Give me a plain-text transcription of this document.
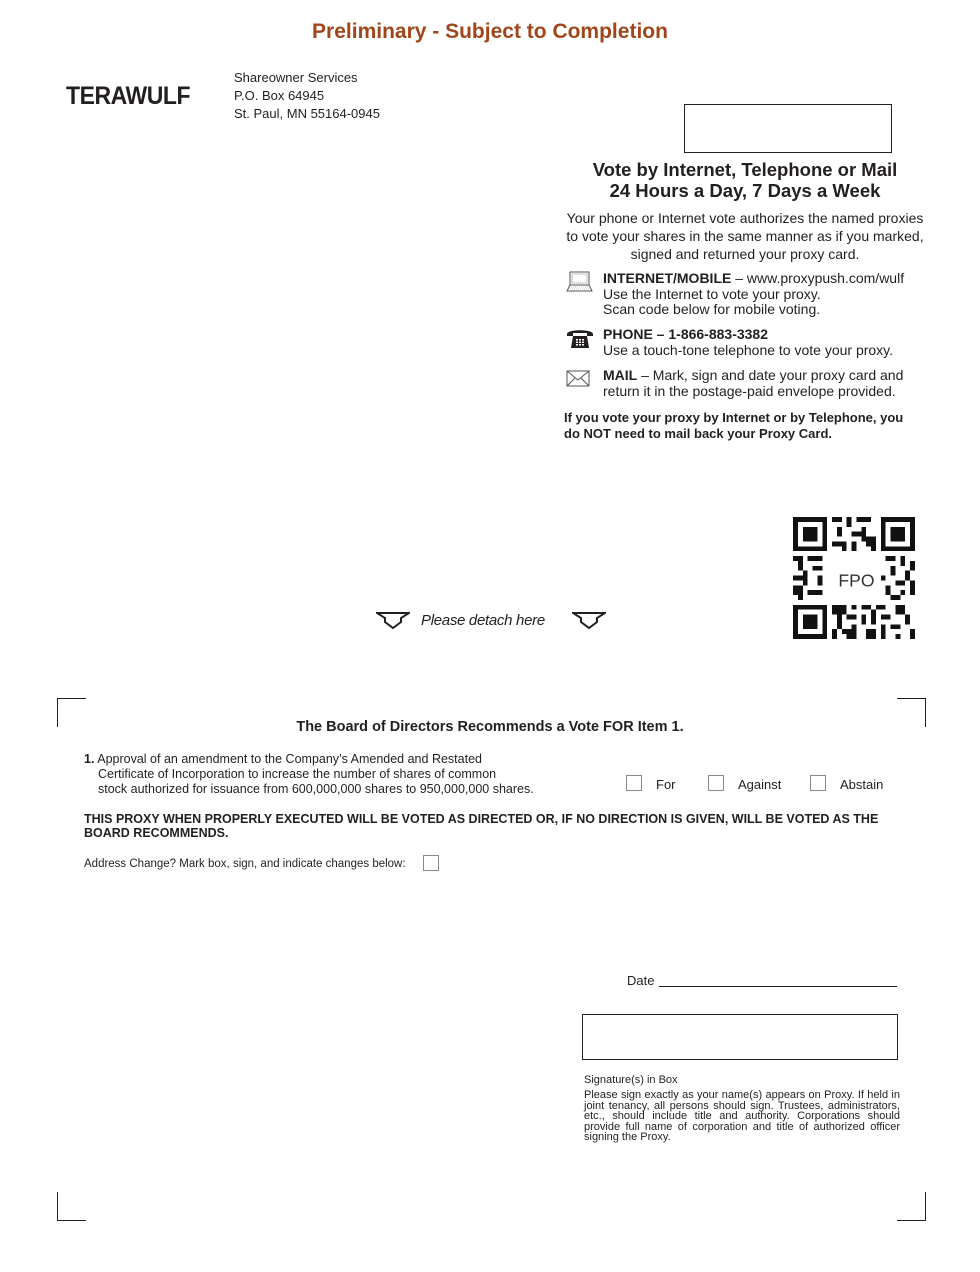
Preliminary - Subject to Completion
TERAWULF
Shareowner Services
P.O. Box 64945
St. Paul, MN 55164-0945
Vote by Internet, Telephone or Mail
24 Hours a Day, 7 Days a Week
Your phone or Internet vote authorizes the named proxies to vote your shares in the same manner as if you marked, signed and returned your proxy card.
INTERNET/MOBILE – www.proxypush.com/wulf
Use the Internet to vote your proxy.
Scan code below for mobile voting.
PHONE – 1-866-883-3382
Use a touch-tone telephone to vote your proxy.
MAIL – Mark, sign and date your proxy card and
return it in the postage-paid envelope provided.
If you vote your proxy by Internet or by Telephone, you
do NOT need to mail back your Proxy Card.
FPO
Please detach here
The Board of Directors Recommends a Vote FOR Item 1.
1. Approval of an amendment to the Company’s Amended and Restated
Certificate of Incorporation to increase the number of shares of common
stock authorized for issuance from 600,000,000 shares to 950,000,000 shares.	For	Against	Abstain
THIS PROXY WHEN PROPERLY EXECUTED WILL BE VOTED AS DIRECTED OR, IF NO DIRECTION IS GIVEN, WILL BE VOTED AS THE
BOARD RECOMMENDS.
Address Change? Mark box, sign, and indicate changes below:
Date
Signature(s) in Box
Please sign exactly as your name(s) appears on Proxy. If held in joint tenancy, all persons should sign. Trustees, administrators, etc., should include title and authority. Corporations should provide full name of corporation and title of authorized officer signing the Proxy.
